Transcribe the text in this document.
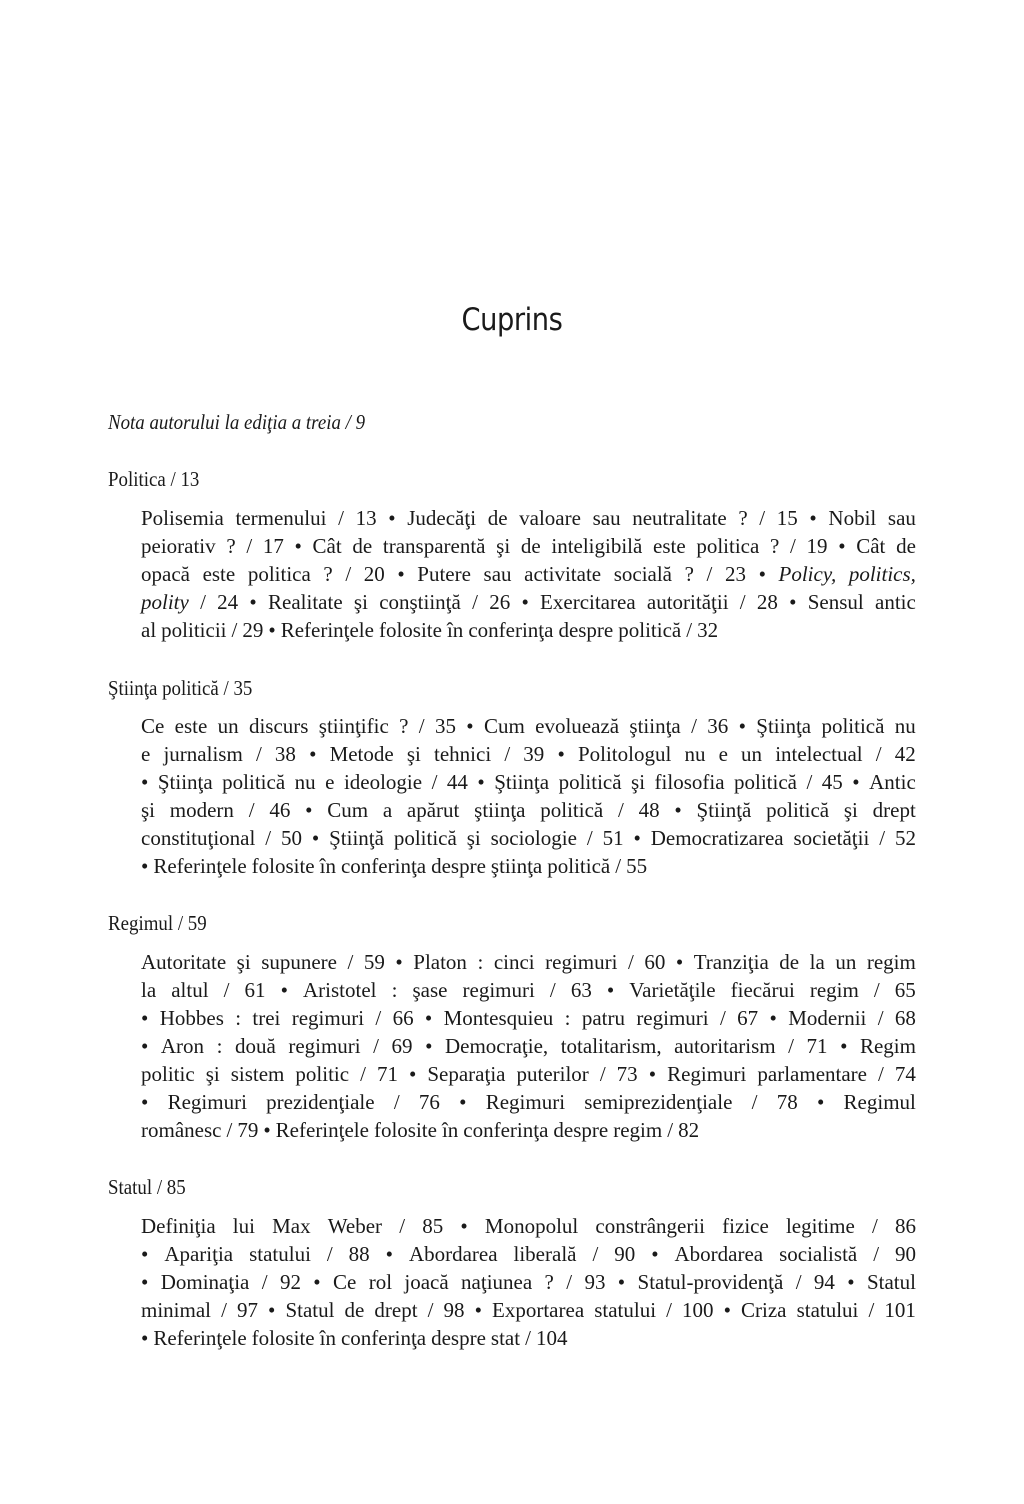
Cuprins
Nota autorului la ediţia a treia / 9
Politica / 13
Polisemia termenului / 13 • Judecăţi de valoare sau neutralitate ? / 15 • Nobil sau
peiorativ ? / 17 • Cât de transparentă şi de inteligibilă este politica ? / 19 • Cât de
opacă este politica ? / 20 • Putere sau activitate socială ? / 23 • Policy, politics,
polity / 24 • Realitate şi conştiinţă / 26 • Exercitarea autorităţii / 28 • Sensul antic
al politicii / 29 • Referinţele folosite în conferinţa despre politică / 32
Ştiinţa politică / 35
Ce este un discurs ştiinţific ? / 35 • Cum evoluează ştiinţa / 36 • Ştiinţa politică nu
e jurnalism / 38 • Metode şi tehnici / 39 • Politologul nu e un intelectual / 42
• Ştiinţa politică nu e ideologie / 44 • Ştiinţa politică şi filosofia politică / 45 • Antic
şi modern / 46 • Cum a apărut ştiinţa politică / 48 • Ştiinţă politică şi drept
constituţional / 50 • Ştiinţă politică şi sociologie / 51 • Democratizarea societăţii / 52
• Referinţele folosite în conferinţa despre ştiinţa politică / 55
Regimul / 59
Autoritate şi supunere / 59 • Platon : cinci regimuri / 60 • Tranziţia de la un regim
la altul / 61 • Aristotel : şase regimuri / 63 • Varietăţile fiecărui regim / 65
• Hobbes : trei regimuri / 66 • Montesquieu : patru regimuri / 67 • Modernii / 68
• Aron : două regimuri / 69 • Democraţie, totalitarism, autoritarism / 71 • Regim
politic şi sistem politic / 71 • Separaţia puterilor / 73 • Regimuri parlamentare / 74
• Regimuri prezidenţiale / 76 • Regimuri semiprezidenţiale / 78 • Regimul
românesc / 79 • Referinţele folosite în conferinţa despre regim / 82
Statul / 85
Definiţia lui Max Weber / 85 • Monopolul constrângerii fizice legitime / 86
• Apariţia statului / 88 • Abordarea liberală / 90 • Abordarea socialistă / 90
• Dominaţia / 92 • Ce rol joacă naţiunea ? / 93 • Statul-providenţă / 94 • Statul
minimal / 97 • Statul de drept / 98 • Exportarea statului / 100 • Criza statului / 101
• Referinţele folosite în conferinţa despre stat / 104
